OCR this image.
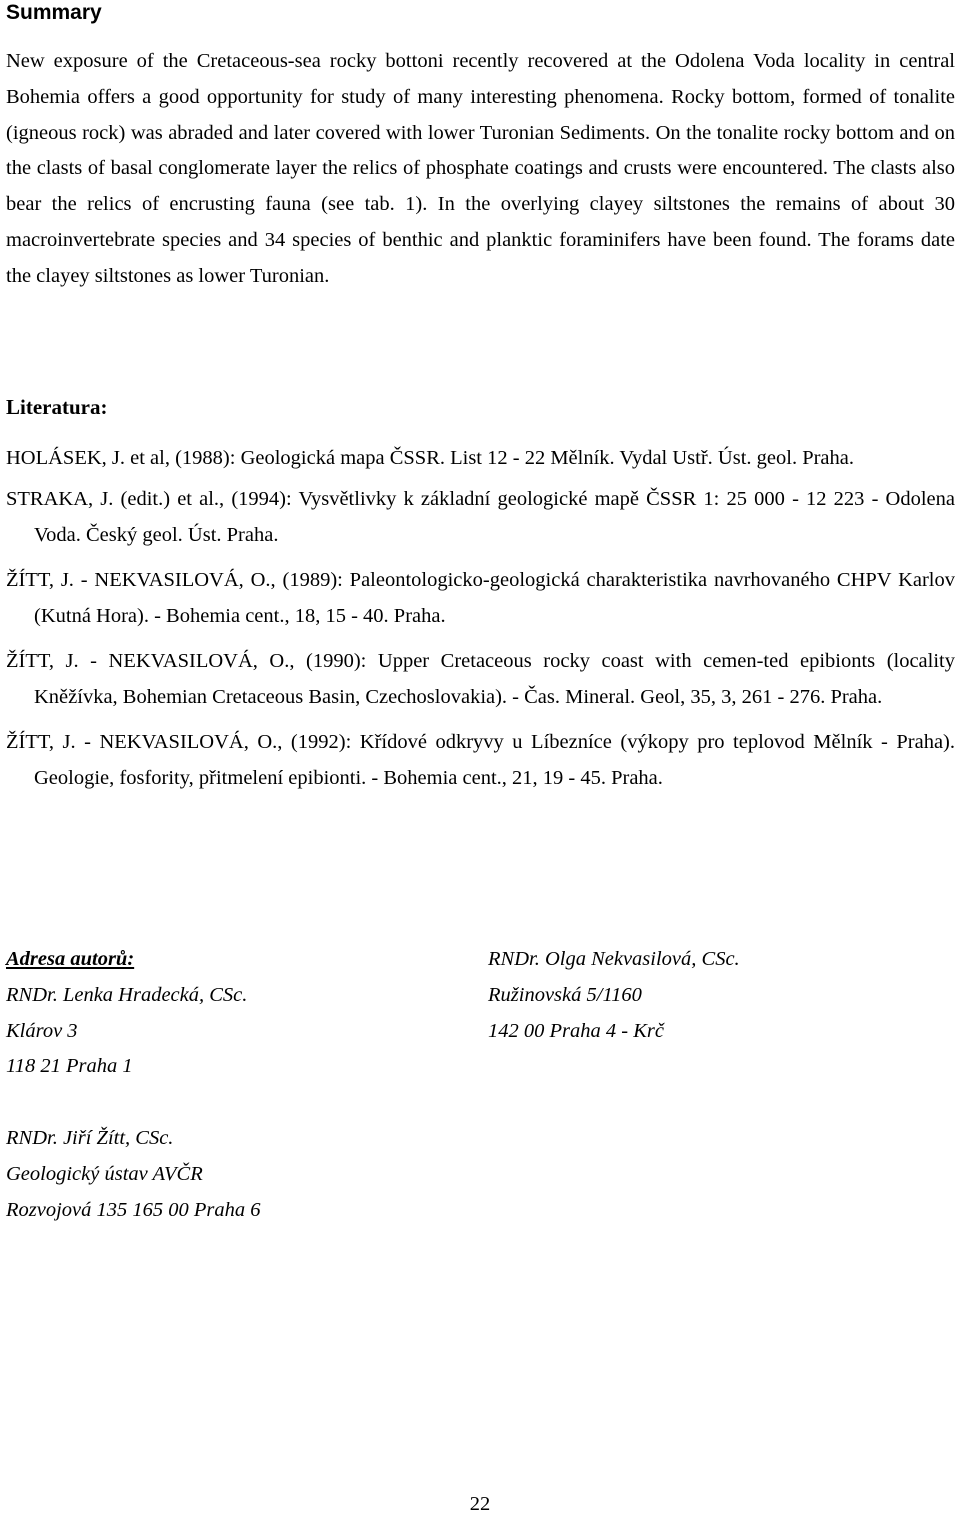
Summary

New exposure of the Cretaceous-sea rocky bottoni recently recovered at the Odolena Voda locality in central Bohemia offers a good opportunity for study of many interesting phenomena. Rocky bottom, formed of tonalite (igneous rock) was abraded and later covered with lower Turonian Sediments. On the tonalite rocky bottom and on the clasts of basal conglomerate layer the relics of phosphate coatings and crusts were encountered. The clasts also bear the relics of encrusting fauna (see tab. 1). In the overlying clayey siltstones the remains of about 30 macroinvertebrate species and 34 species of benthic and planktic foraminifers have been found. The forams date the clayey siltstones as lower Turonian.

Literatura:

HOLÁSEK, J. et al, (1988): Geologická mapa ČSSR. List 12 - 22 Mělník. Vydal Ustř. Úst. geol. Praha.

STRAKA, J. (edit.) et al., (1994): Vysvětlivky k základní geologické mapě ČSSR 1: 25 000 - 12 223 - Odolena Voda. Český geol. Úst. Praha.

ŽÍTT, J. - NEKVASILOVÁ, O., (1989): Paleontologicko-geologická charakteristika navrhovaného CHPV Karlov (Kutná Hora). - Bohemia cent., 18, 15 - 40. Praha.

ŽÍTT, J. - NEKVASILOVÁ, O., (1990): Upper Cretaceous rocky coast with cemen-ted epibionts (locality Kněžívka, Bohemian Cretaceous Basin, Czechoslovakia). - Čas. Mineral. Geol, 35, 3, 261 - 276. Praha.

ŽÍTT, J. - NEKVASILOVÁ, O., (1992): Křídové odkryvy u Líbezníce (výkopy pro teplovod Mělník - Praha). Geologie, fosfority, přitmelení epibionti. - Bohemia cent., 21, 19 - 45. Praha.

Adresa autorů:
RNDr. Lenka Hradecká, CSc.
Klárov 3
118 21 Praha 1
RNDr. Olga Nekvasilová, CSc.
Ružinovská 5/1160
142 00 Praha 4 - Krč
RNDr. Jiří Žítt, CSc.
Geologický ústav AVČR
Rozvojová 135 165 00 Praha 6
22
